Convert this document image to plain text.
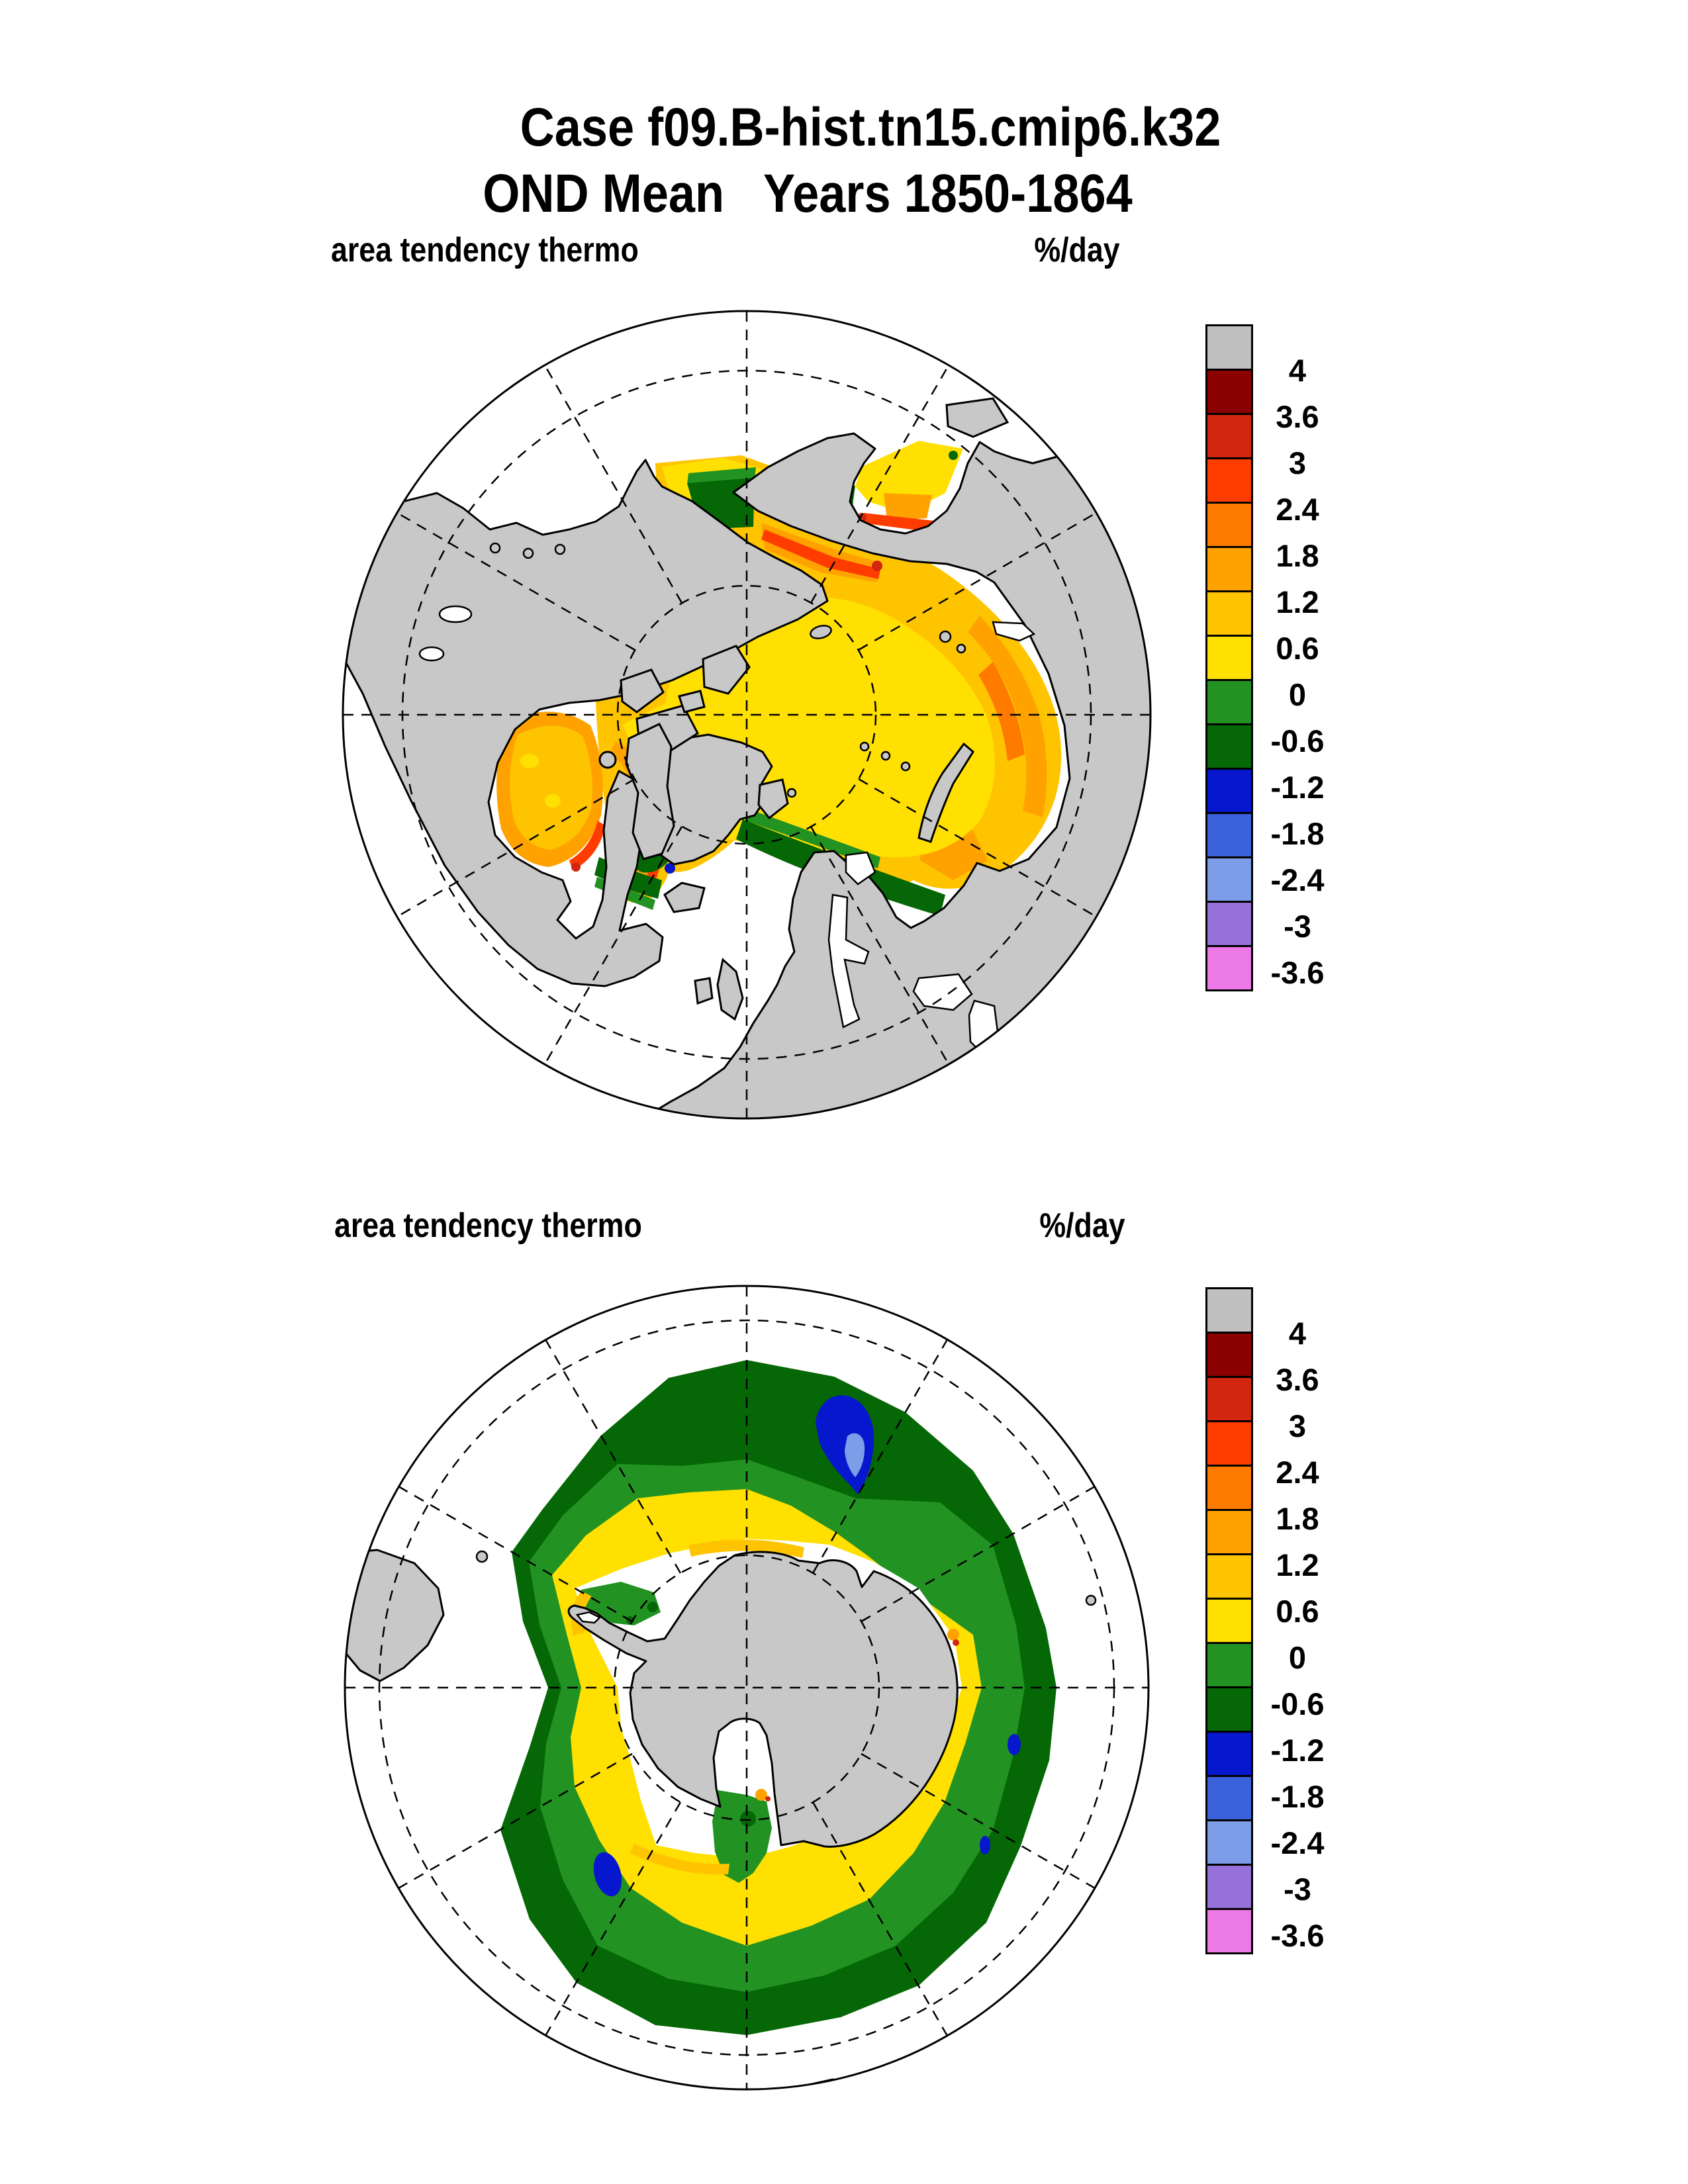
Case f09.B-hist.tn15.cmip6.k32
OND Mean   Years 1850-1864
area tendency thermo	%/day
area tendency thermo	%/day
4
3.6
3
2.4
1.8
1.2
0.6
0
-0.6
-1.2
-1.8
-2.4
-3
-3.6
4
3.6
3
2.4
1.8
1.2
0.6
0
-0.6
-1.2
-1.8
-2.4
-3
-3.6
